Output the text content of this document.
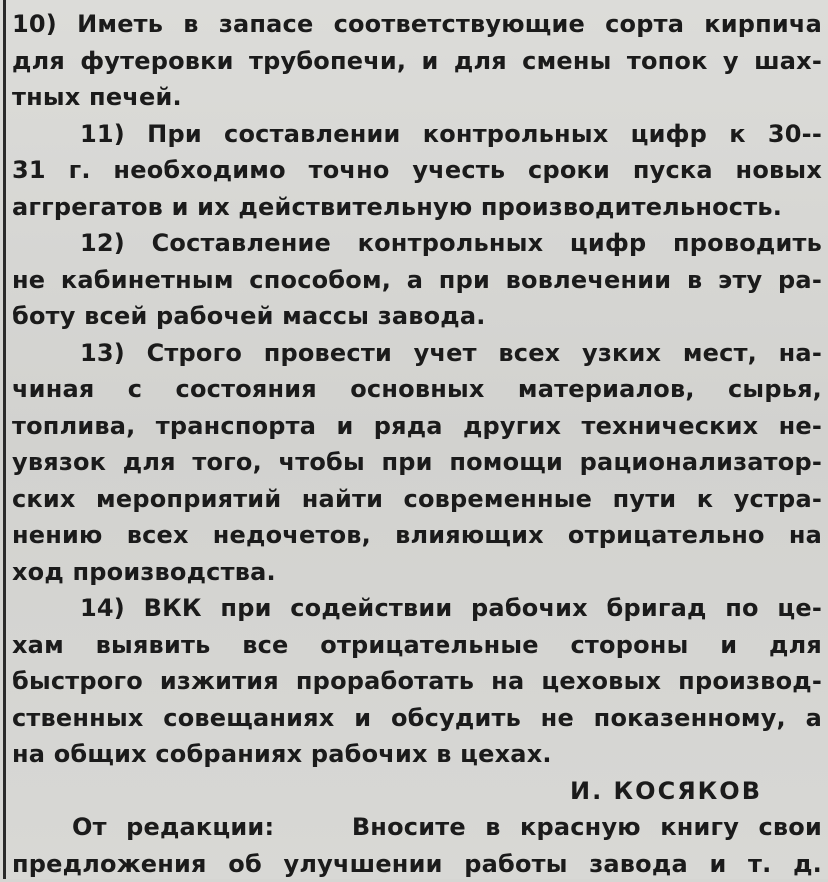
10) Иметь в запасе соответствующие сорта кирпича
для футеровки трубопечи, и для смены топок у шах-
тных печей.
11) При составлении контрольных цифр к 30--
31 г. необходимо точно учесть сроки пуска новых
аггрегатов и их действительную производительность.
12) Составление контрольных цифр проводить
не кабинетным способом, а при вовлечении в эту ра-
боту всей рабочей массы завода.
13) Строго провести учет всех узких мест, на-
чиная с состояния основных материалов, сырья,
топлива, транспорта и ряда других технических не-
увязок для того, чтобы при помощи рационализатор-
ских мероприятий найти современные пути к устра-
нению всех недочетов, влияющих отрицательно на
ход производства.
14) ВКК при содействии рабочих бригад по це-
хам выявить все отрицательные стороны и для
быстрого изжития проработать на цеховых производ-
ственных совещаниях и обсудить не показенному, а
на общих собраниях рабочих в цехах.
И. КОСЯКОВ
От редакции:	Вносите в красную книгу свои
предложения об улучшении работы завода и т. д.
